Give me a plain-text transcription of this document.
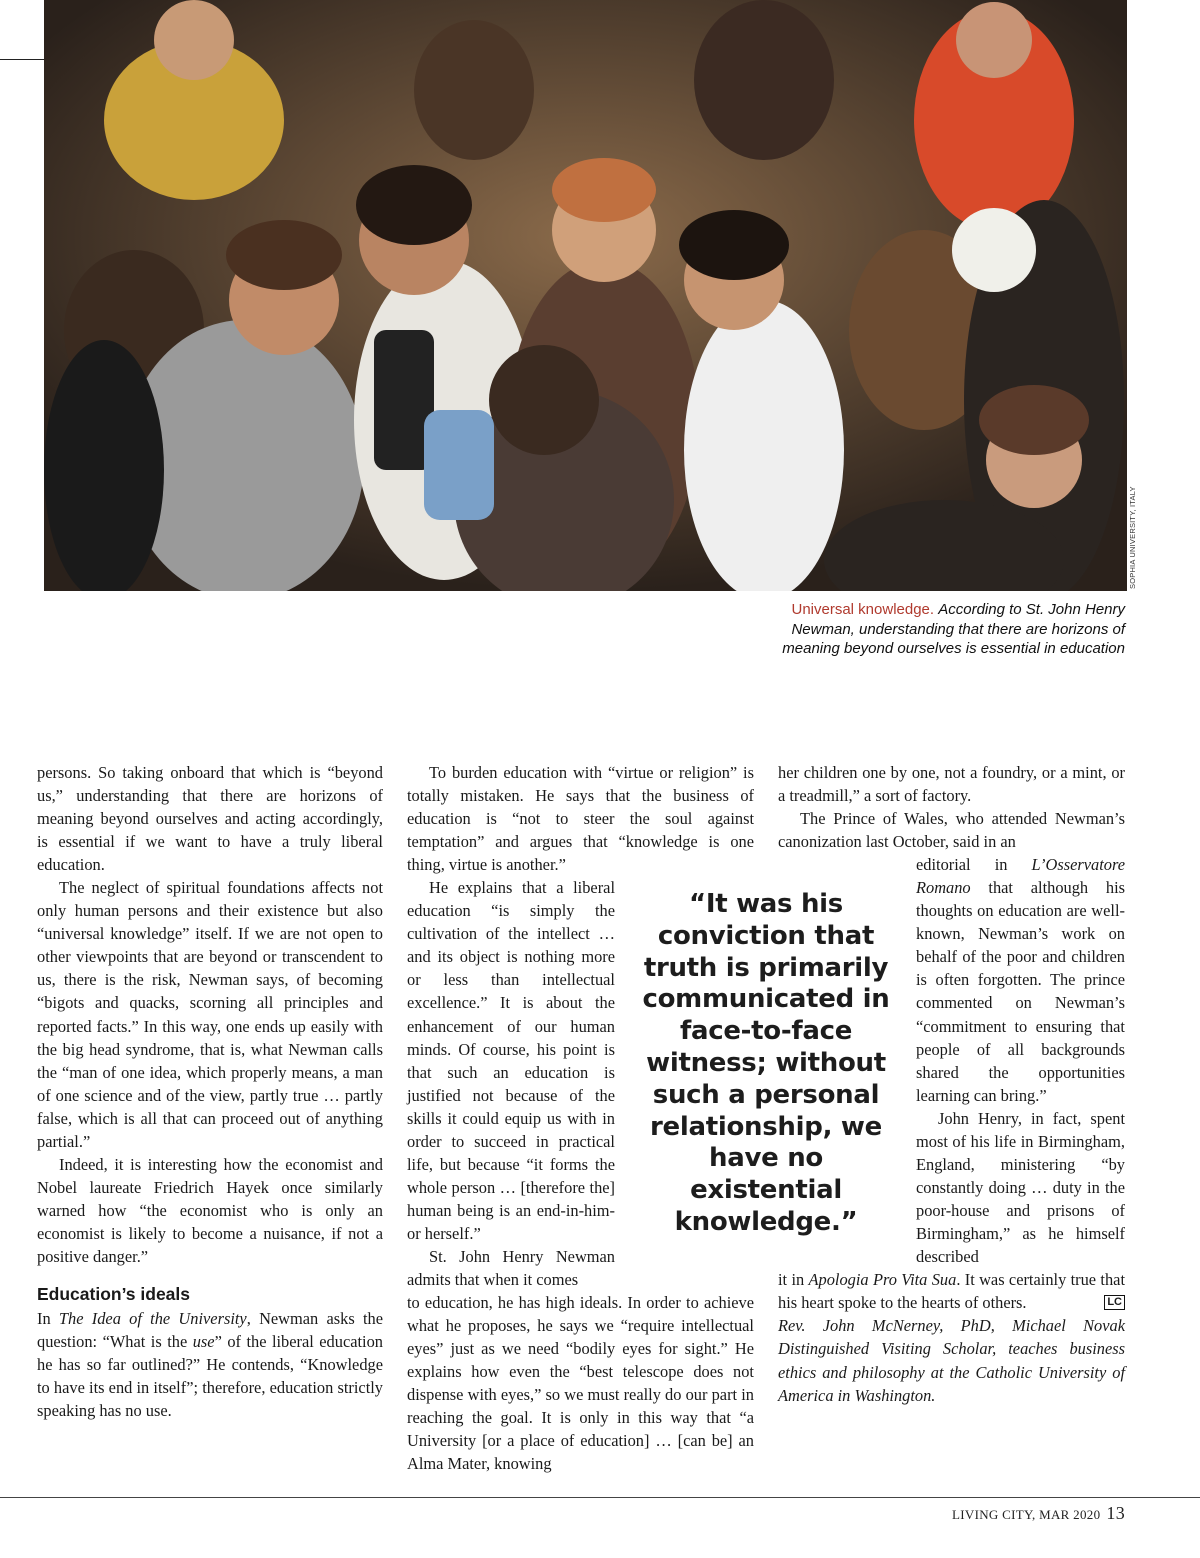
SOPHIA UNIVERSITY, ITALY
Universal knowledge. According to St. John Henry Newman, understanding that there are horizons of meaning beyond ourselves is essential in education

persons. So taking onboard that which is “beyond us,” understanding that there are horizons of meaning beyond ourselves and acting accordingly, is essential if we want to have a truly liberal education.

The neglect of spiritual foundations affects not only human persons and their existence but also “universal knowledge” itself. If we are not open to other viewpoints that are beyond or transcendent to us, there is the risk, Newman says, of becoming “bigots and quacks, scorning all principles and reported facts.” In this way, one ends up easily with the big head syndrome, that is, what Newman calls the “man of one idea, which properly means, a man of one science and of the view, partly true … partly false, which is all that can proceed out of anything partial.”

Indeed, it is interesting how the economist and Nobel laureate Friedrich Hayek once similarly warned how “the economist who is only an economist is likely to become a nuisance, if not a positive danger.”

Education’s ideals

In The Idea of the University, Newman asks the question: “What is the use” of the liberal education he has so far outlined?” He contends, “Knowledge to have its end in itself”; therefore, education strictly speaking has no use.

To burden education with “virtue or religion” is totally mistaken. He says that the business of education is “not to steer the soul against temptation” and argues that “knowledge is one thing, virtue is another.”

He explains that a liberal education “is simply the cultivation of the intellect … and its object is nothing more or less than intellectual excellence.” It is about the enhancement of our human minds. Of course, his point is that such an education is justified not because of the skills it could equip us with in order to succeed in practical life, but because “it forms the whole person … [therefore the] human being is an end-in-him-or herself.”

St. John Henry Newman admits that when it comes

to education, he has high ideals. In order to achieve what he proposes, he says we “require intellectual eyes” just as we need “bodily eyes for sight.” He explains how even the “best telescope does not dispense with eyes,” so we must really do our part in reaching the goal. It is only in this way that “a University [or a place of education] … [can be] an Alma Mater, knowing

“It was his conviction that truth is primarily communicated in face-to-face witness; without such a personal relationship, we have no existential knowledge.”

her children one by one, not a foundry, or a mint, or a treadmill,” a sort of factory.

The Prince of Wales, who attended Newman’s canonization last October, said in an

editorial in L’Osservatore Romano that although his thoughts on education are well-known, Newman’s work on behalf of the poor and children is often forgotten. The prince commented on Newman’s “commitment to ensuring that people of all backgrounds shared the opportunities learning can bring.”

John Henry, in fact, spent most of his life in Birmingham, England, ministering “by constantly doing … duty in the poor-house and prisons of Birmingham,” as he himself described

it in Apologia Pro Vita Sua. It was certainly true that his heart spoke to the hearts of others.	LC

Rev. John McNerney, PhD, Michael Novak Distinguished Visiting Scholar, teaches business ethics and philosophy at the Catholic University of America in Washington.

LIVING CITY, MAR 2020 13
